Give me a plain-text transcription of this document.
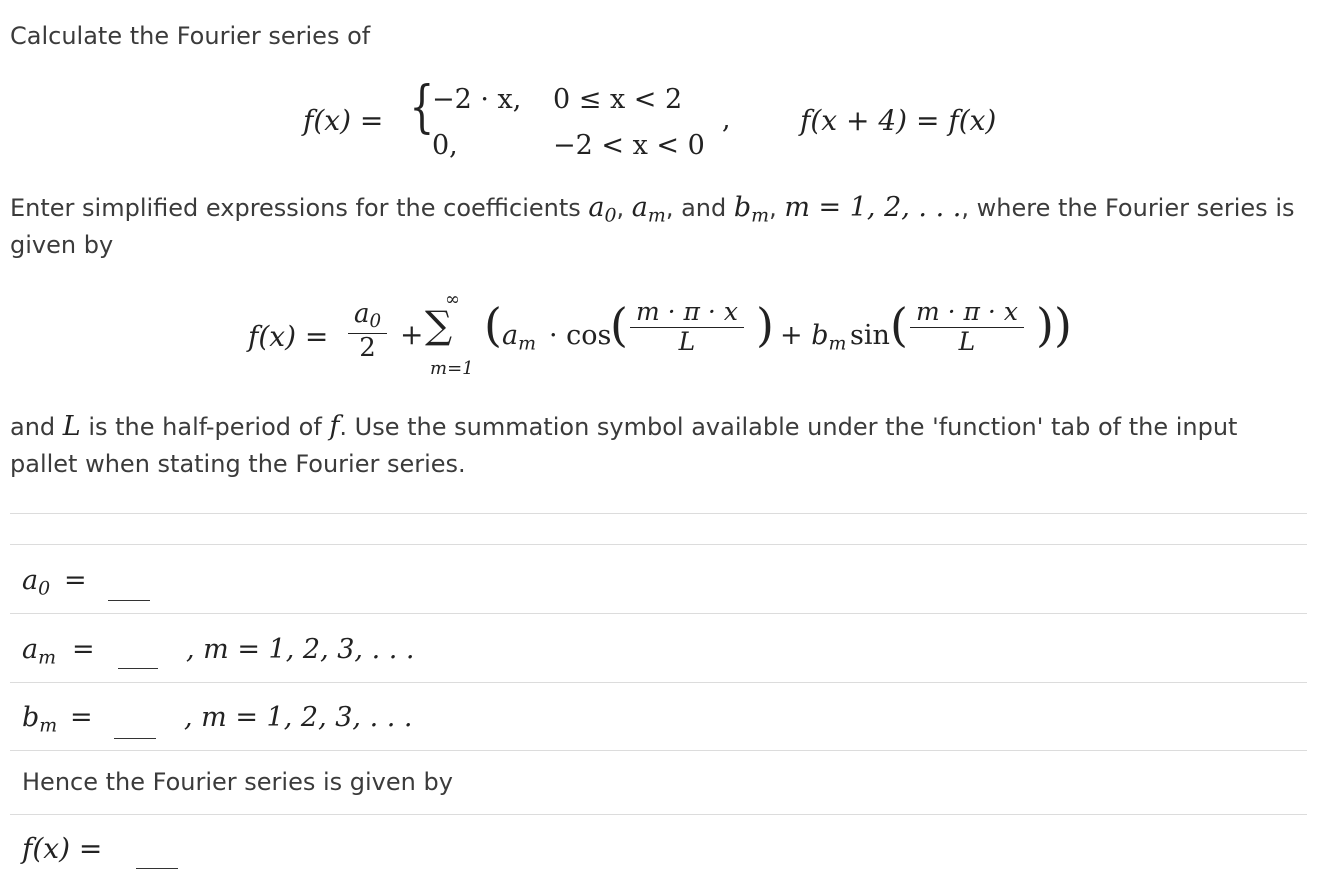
Calculate the Fourier series of
f(x) = {
−2 · x, 0 ≤ x < 2
0,	−2 < x < 0
, f(x + 4) = f(x)
Enter simplified expressions for the coefficients $a_0$, $a_m$, and $b_m$, m = 1, 2, . . ., where the Fourier series is
given by
$f(x) = \frac{a_0}{2}$ +
∞
∑
m=1
( $a_m \cdot \cos$
( $\frac{m \cdot \pi \cdot x}{L}$ ) + $b_m$ sin ( $\frac{m \cdot \pi \cdot x}{L}$ ))
and L is the half-period of f. Use the summation symbol available under the 'function' tab of the input
pallet when stating the Fourier series.
$a_0$ =
$a_m$ =	, m = 1, 2, 3, . . .
$b_m$ =	, m = 1, 2, 3, . . .
Hence the Fourier series is given by
f(x) =
